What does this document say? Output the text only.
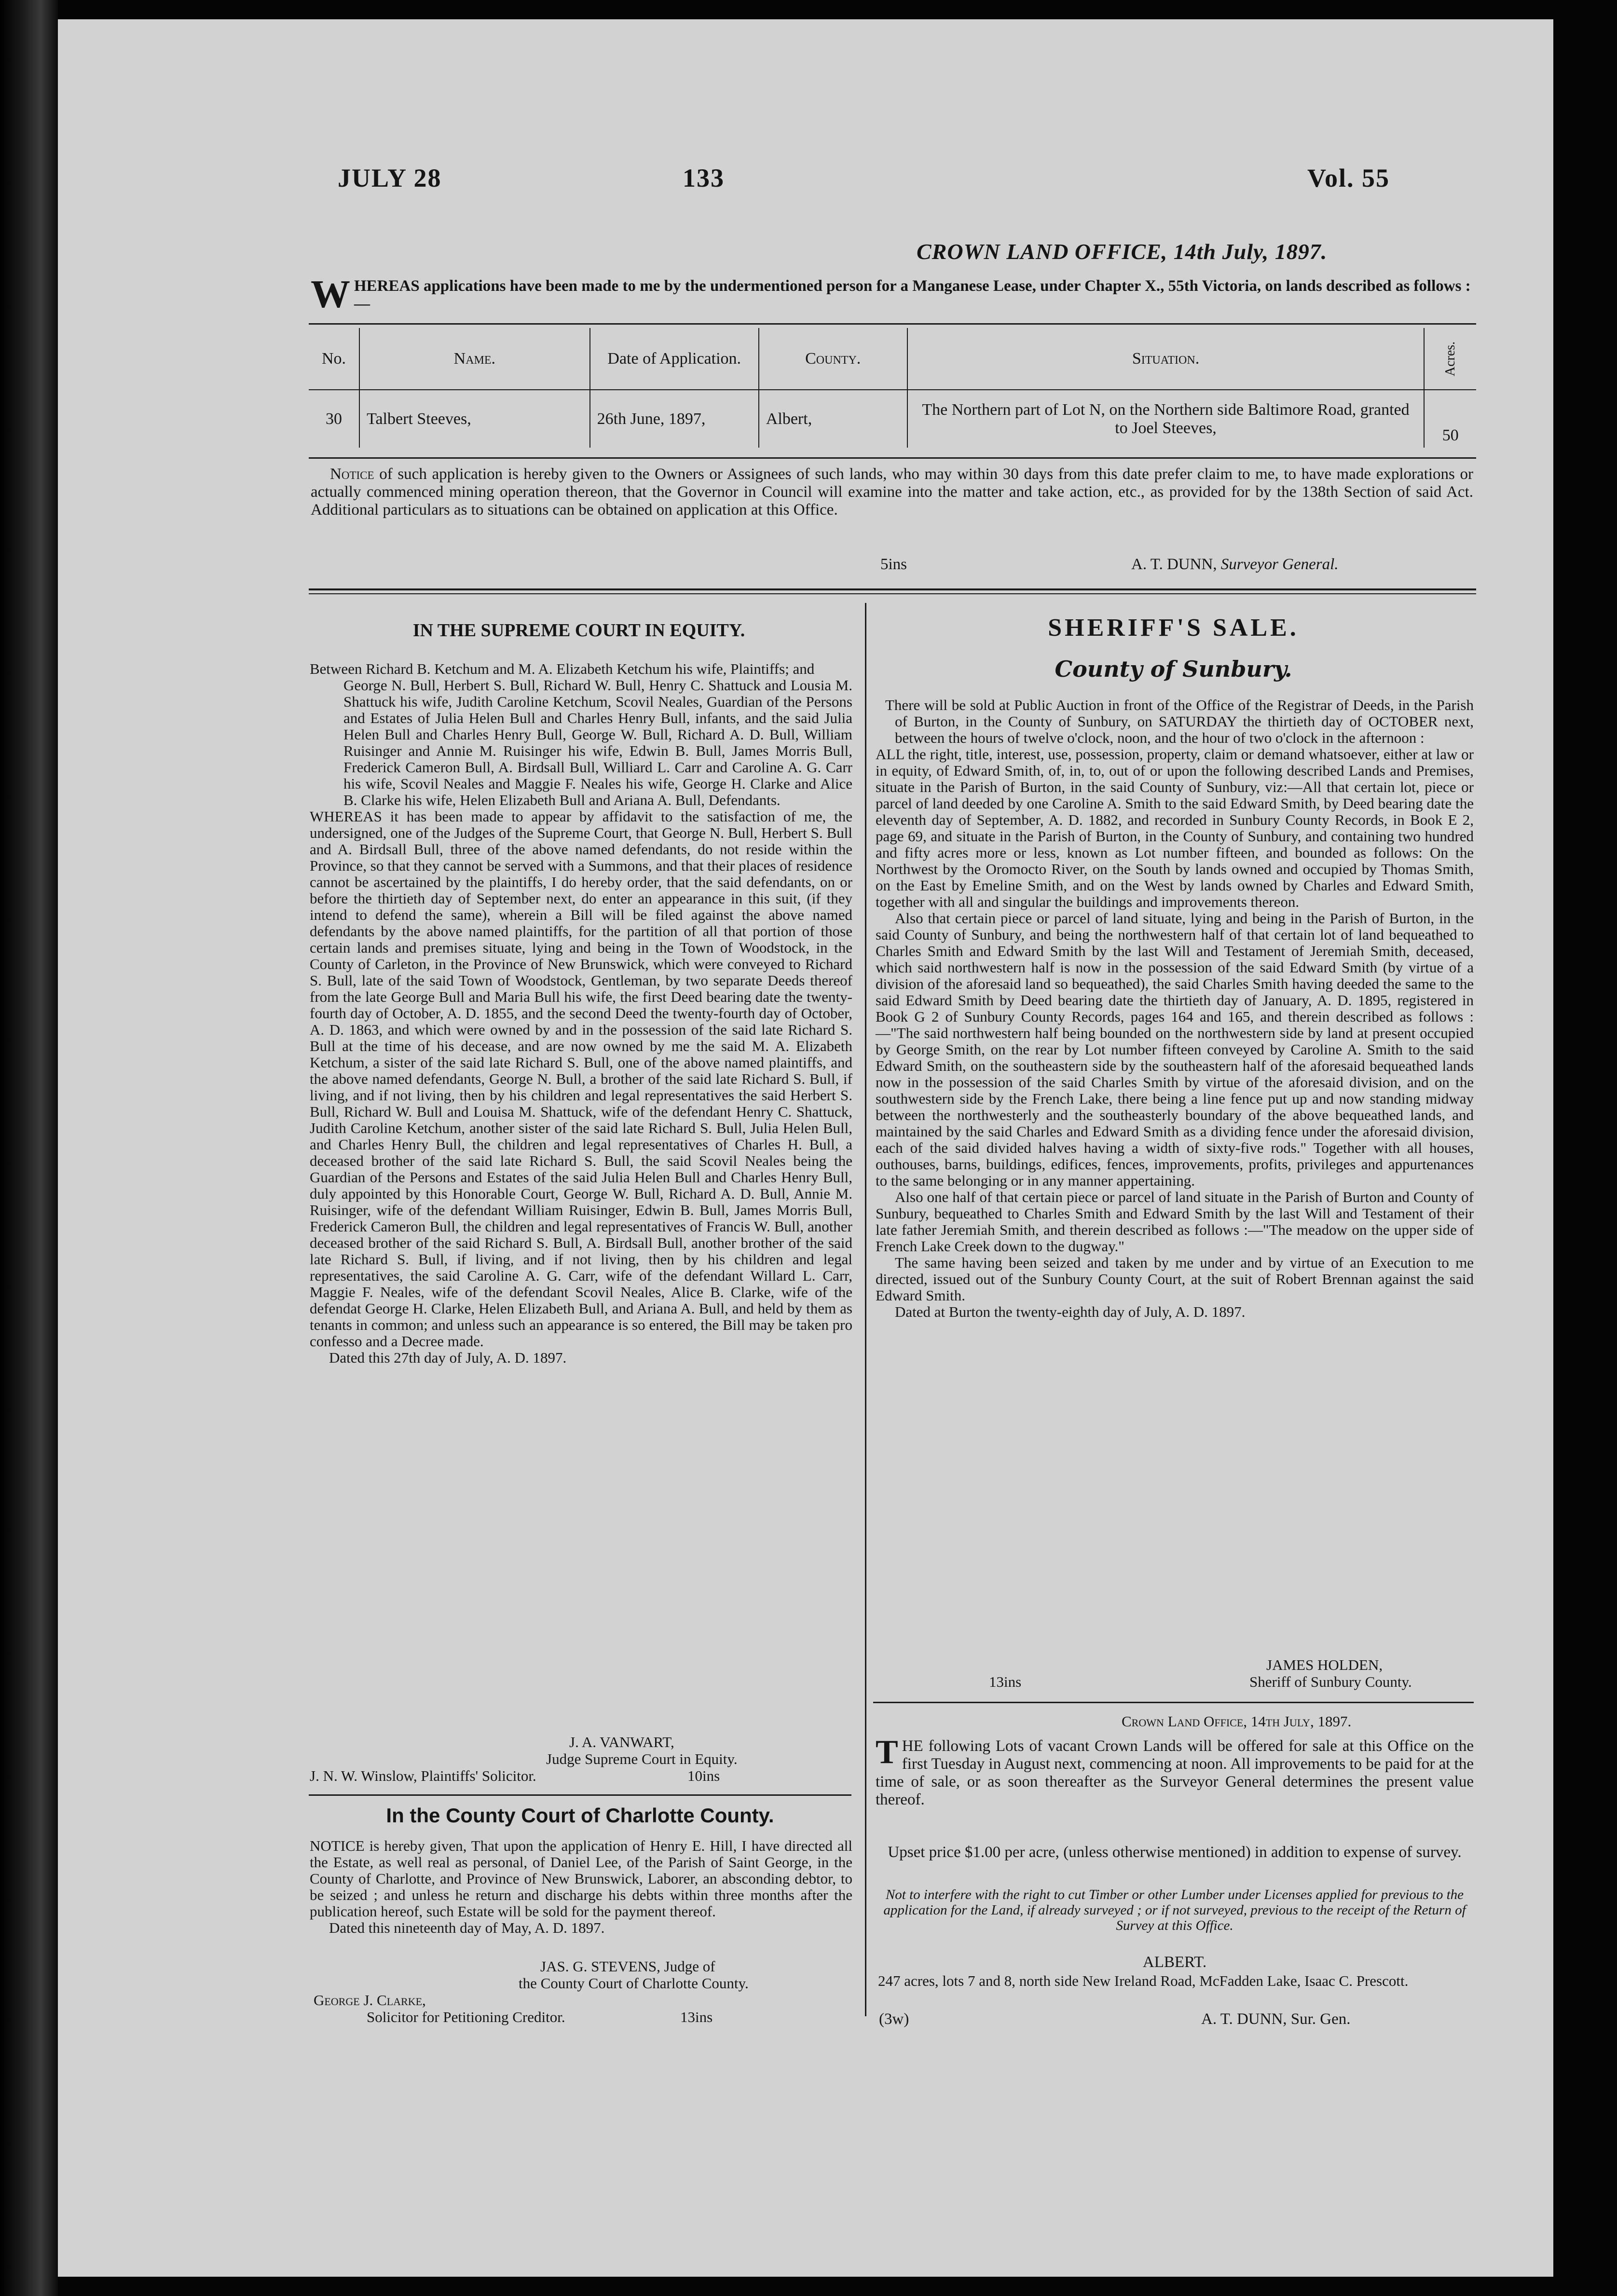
JULY 28	133	Vol. 55
CROWN LAND OFFICE, 14th July, 1897.
WHEREAS applications have been made to me by the undermentioned person for a Manganese Lease, under Chapter X., 55th Victoria, on lands described as follows :—
No.	Name.	Date of Application.	County.	Situation.	Acres.
30	Talbert Steeves,	26th June, 1897,	Albert,	The Northern part of Lot N, on the Northern side Baltimore Road, granted to Joel Steeves,	50

Notice of such application is hereby given to the Owners or Assignees of such lands, who may within 30 days from this date prefer claim to me, to have made explorations or actually commenced mining operation thereon, that the Governor in Council will examine into the matter and take action, etc., as provided for by the 138th Section of said Act. Additional particulars as to situations can be obtained on application at this Office.

5ins	A. T. DUNN, Surveyor General.
IN THE SUPREME COURT IN EQUITY.

Between Richard B. Ketchum and M. A. Elizabeth Ketchum his wife, Plaintiffs; and

George N. Bull, Herbert S. Bull, Richard W. Bull, Henry C. Shattuck and Lousia M. Shattuck his wife, Judith Caroline Ketchum, Scovil Neales, Guardian of the Persons and Estates of Julia Helen Bull and Charles Henry Bull, infants, and the said Julia Helen Bull and Charles Henry Bull, George W. Bull, Richard A. D. Bull, William Ruisinger and Annie M. Ruisinger his wife, Edwin B. Bull, James Morris Bull, Frederick Cameron Bull, A. Birdsall Bull, Williard L. Carr and Caroline A. G. Carr his wife, Scovil Neales and Maggie F. Neales his wife, George H. Clarke and Alice B. Clarke his wife, Helen Elizabeth Bull and Ariana A. Bull, Defendants.

WHEREAS it has been made to appear by affidavit to the satisfaction of me, the undersigned, one of the Judges of the Supreme Court, that George N. Bull, Herbert S. Bull and A. Birdsall Bull, three of the above named defendants, do not reside within the Province, so that they cannot be served with a Summons, and that their places of residence cannot be ascertained by the plaintiffs, I do hereby order, that the said defendants, on or before the thirtieth day of September next, do enter an appearance in this suit, (if they intend to defend the same), wherein a Bill will be filed against the above named defendants by the above named plaintiffs, for the partition of all that portion of those certain lands and premises situate, lying and being in the Town of Woodstock, in the County of Carleton, in the Province of New Brunswick, which were conveyed to Richard S. Bull, late of the said Town of Woodstock, Gentleman, by two separate Deeds thereof from the late George Bull and Maria Bull his wife, the first Deed bearing date the twenty-fourth day of October, A. D. 1855, and the second Deed the twenty-fourth day of October, A. D. 1863, and which were owned by and in the possession of the said late Richard S. Bull at the time of his decease, and are now owned by me the said M. A. Elizabeth Ketchum, a sister of the said late Richard S. Bull, one of the above named plaintiffs, and the above named defendants, George N. Bull, a brother of the said late Richard S. Bull, if living, and if not living, then by his children and legal representatives the said Herbert S. Bull, Richard W. Bull and Louisa M. Shattuck, wife of the defendant Henry C. Shattuck, Judith Caroline Ketchum, another sister of the said late Richard S. Bull, Julia Helen Bull, and Charles Henry Bull, the children and legal representatives of Charles H. Bull, a deceased brother of the said late Richard S. Bull, the said Scovil Neales being the Guardian of the Persons and Estates of the said Julia Helen Bull and Charles Henry Bull, duly appointed by this Honorable Court, George W. Bull, Richard A. D. Bull, Annie M. Ruisinger, wife of the defendant William Ruisinger, Edwin B. Bull, James Morris Bull, Frederick Cameron Bull, the children and legal representatives of Francis W. Bull, another deceased brother of the said Richard S. Bull, A. Birdsall Bull, another brother of the said late Richard S. Bull, if living, and if not living, then by his children and legal representatives, the said Caroline A. G. Carr, wife of the defendant Willard L. Carr, Maggie F. Neales, wife of the defendant Scovil Neales, Alice B. Clarke, wife of the defendat George H. Clarke, Helen Elizabeth Bull, and Ariana A. Bull, and held by them as tenants in common; and unless such an appearance is so entered, the Bill may be taken pro confesso and a Decree made.

Dated this 27th day of July, A. D. 1897.

J. A. VANWART,
Judge Supreme Court in Equity.
J. N. W. Winslow, Plaintiffs' Solicitor.	10ins
In the County Court of Charlotte County.

NOTICE is hereby given, That upon the application of Henry E. Hill, I have directed all the Estate, as well real as personal, of Daniel Lee, of the Parish of Saint George, in the County of Charlotte, and Province of New Brunswick, Laborer, an absconding debtor, to be seized ; and unless he return and discharge his debts within three months after the publication hereof, such Estate will be sold for the payment thereof.

Dated this nineteenth day of May, A. D. 1897.

JAS. G. STEVENS, Judge of
the County Court of Charlotte County.
George J. Clarke,
Solicitor for Petitioning Creditor.	13ins
SHERIFF'S SALE.
County of Sunbury.

There will be sold at Public Auction in front of the Office of the Registrar of Deeds, in the Parish of Burton, in the County of Sunbury, on SATURDAY the thirtieth day of OCTOBER next, between the hours of twelve o'clock, noon, and the hour of two o'clock in the afternoon :

ALL the right, title, interest, use, possession, property, claim or demand whatsoever, either at law or in equity, of Edward Smith, of, in, to, out of or upon the following described Lands and Premises, situate in the Parish of Burton, in the said County of Sunbury, viz:—All that certain lot, piece or parcel of land deeded by one Caroline A. Smith to the said Edward Smith, by Deed bearing date the eleventh day of September, A. D. 1882, and recorded in Sunbury County Records, in Book E 2, page 69, and situate in the Parish of Burton, in the County of Sunbury, and containing two hundred and fifty acres more or less, known as Lot number fifteen, and bounded as follows: On the Northwest by the Oromocto River, on the South by lands owned and occupied by Thomas Smith, on the East by Emeline Smith, and on the West by lands owned by Charles and Edward Smith, together with all and singular the buildings and improvements thereon.

Also that certain piece or parcel of land situate, lying and being in the Parish of Burton, in the said County of Sunbury, and being the northwestern half of that certain lot of land bequeathed to Charles Smith and Edward Smith by the last Will and Testament of Jeremiah Smith, deceased, which said northwestern half is now in the possession of the said Edward Smith (by virtue of a division of the aforesaid land so bequeathed), the said Charles Smith having deeded the same to the said Edward Smith by Deed bearing date the thirtieth day of January, A. D. 1895, registered in Book G 2 of Sunbury County Records, pages 164 and 165, and therein described as follows :—"The said northwestern half being bounded on the northwestern side by land at present occupied by George Smith, on the rear by Lot number fifteen conveyed by Caroline A. Smith to the said Edward Smith, on the southeastern side by the southeastern half of the aforesaid bequeathed lands now in the possession of the said Charles Smith by virtue of the aforesaid division, and on the southwestern side by the French Lake, there being a line fence put up and now standing midway between the northwesterly and the southeasterly boundary of the above bequeathed lands, and maintained by the said Charles and Edward Smith as a dividing fence under the aforesaid division, each of the said divided halves having a width of sixty-five rods." Together with all houses, outhouses, barns, buildings, edifices, fences, improvements, profits, privileges and appurtenances to the same belonging or in any manner appertaining.

Also one half of that certain piece or parcel of land situate in the Parish of Burton and County of Sunbury, bequeathed to Charles Smith and Edward Smith by the last Will and Testament of their late father Jeremiah Smith, and therein described as follows :—"The meadow on the upper side of French Lake Creek down to the dugway."

The same having been seized and taken by me under and by virtue of an Execution to me directed, issued out of the Sunbury County Court, at the suit of Robert Brennan against the said Edward Smith.

Dated at Burton the twenty-eighth day of July, A. D. 1897.

JAMES HOLDEN,
13ins	Sheriff of Sunbury County.
Crown Land Office, 14th July, 1897.

THE following Lots of vacant Crown Lands will be offered for sale at this Office on the first Tuesday in August next, commencing at noon. All improvements to be paid for at the time of sale, or as soon thereafter as the Surveyor General determines the present value thereof.

Upset price $1.00 per acre, (unless otherwise mentioned) in addition to expense of survey.
Not to interfere with the right to cut Timber or other Lumber under Licenses applied for previous to the application for the Land, if already surveyed ; or if not surveyed, previous to the receipt of the Return of Survey at this Office.
ALBERT.

247 acres, lots 7 and 8, north side New Ireland Road, McFadden Lake, Isaac C. Prescott.

(3w)	A. T. DUNN, Sur. Gen.
